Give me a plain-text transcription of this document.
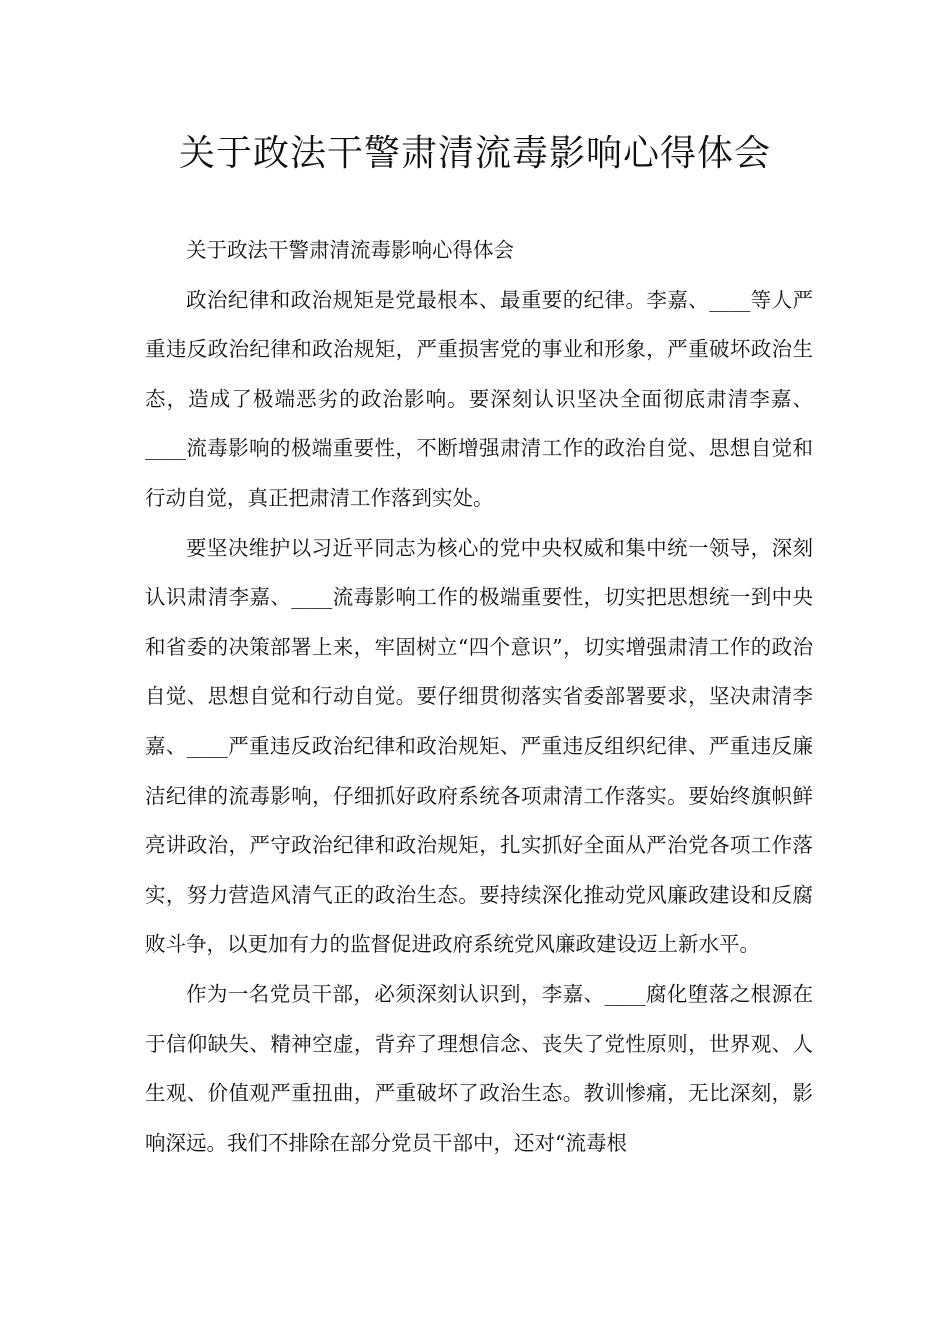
关于政法干警肃清流毒影响心得体会

关于政法干警肃清流毒影响心得体会

政治纪律和政治规矩是党最根本、最重要的纪律。李嘉、____等人严重违反政治纪律和政治规矩，严重损害党的事业和形象，严重破坏政治生态，造成了极端恶劣的政治影响。要深刻认识坚决全面彻底肃清李嘉、____流毒影响的极端重要性，不断增强肃清工作的政治自觉、思想自觉和行动自觉，真正把肃清工作落到实处。

要坚决维护以习近平同志为核心的党中央权威和集中统一领导，深刻认识肃清李嘉、____流毒影响工作的极端重要性，切实把思想统一到中央和省委的决策部署上来，牢固树立“四个意识”，切实增强肃清工作的政治自觉、思想自觉和行动自觉。要仔细贯彻落实省委部署要求，坚决肃清李嘉、____严重违反政治纪律和政治规矩、严重违反组织纪律、严重违反廉洁纪律的流毒影响，仔细抓好政府系统各项肃清工作落实。要始终旗帜鲜亮讲政治，严守政治纪律和政治规矩，扎实抓好全面从严治党各项工作落实，努力营造风清气正的政治生态。要持续深化推动党风廉政建设和反腐败斗争，以更加有力的监督促进政府系统党风廉政建设迈上新水平。

作为一名党员干部，必须深刻认识到，李嘉、____腐化堕落之根源在于信仰缺失、精神空虚，背弃了理想信念、丧失了党性原则，世界观、人生观、价值观严重扭曲，严重破坏了政治生态。教训惨痛，无比深刻，影响深远。我们不排除在部分党员干部中，还对“流毒根
